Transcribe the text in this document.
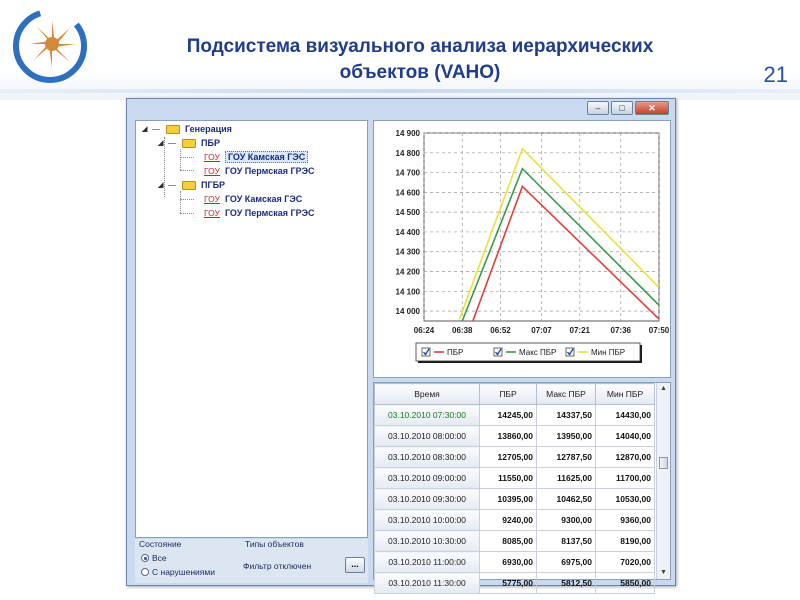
Подсистема визуального анализа иерархических
объектов (VAHO)	21
–	□	✕
◢ —	Генерация
◢ —	ПБР
ГОУ ГОУ Камская ГЭС
ГОУ ГОУ Пермская ГРЭС
◢ —	ПГБР
ГОУ ГОУ Камская ГЭС
ГОУ ГОУ Пермская ГРЭС
Состояние
Все
С нарушениями
Типы объектов
Фильтр отключен	...
14 000
14 100
14 200
14 300
14 400
14 500
14 600
14 700
14 800
14 900
06:24 06:38 06:52	07:07 07:21	07:36 07:50
ПБР	Макс ПБР	Мин ПБР
Время	ПБР	Макс ПБР	Мин ПБР
03.10.2010 07:30:00	14245,00	14337,50	14430,00
03.10.2010 08:00:00	13860,00	13950,00	14040,00
03.10.2010 08:30:00	12705,00	12787,50	12870,00
03.10.2010 09:00:00	11550,00	11625,00	11700,00
03.10.2010 09:30:00	10395,00	10462,50	10530,00
03.10.2010 10:00:00	9240,00	9300,00	9360,00
03.10.2010 10:30:00	8085,00	8137,50	8190,00
03.10.2010 11:00:00	6930,00	6975,00	7020,00
03.10.2010 11:30:00	5775,00	5812,50	5850,00
▲
▼
